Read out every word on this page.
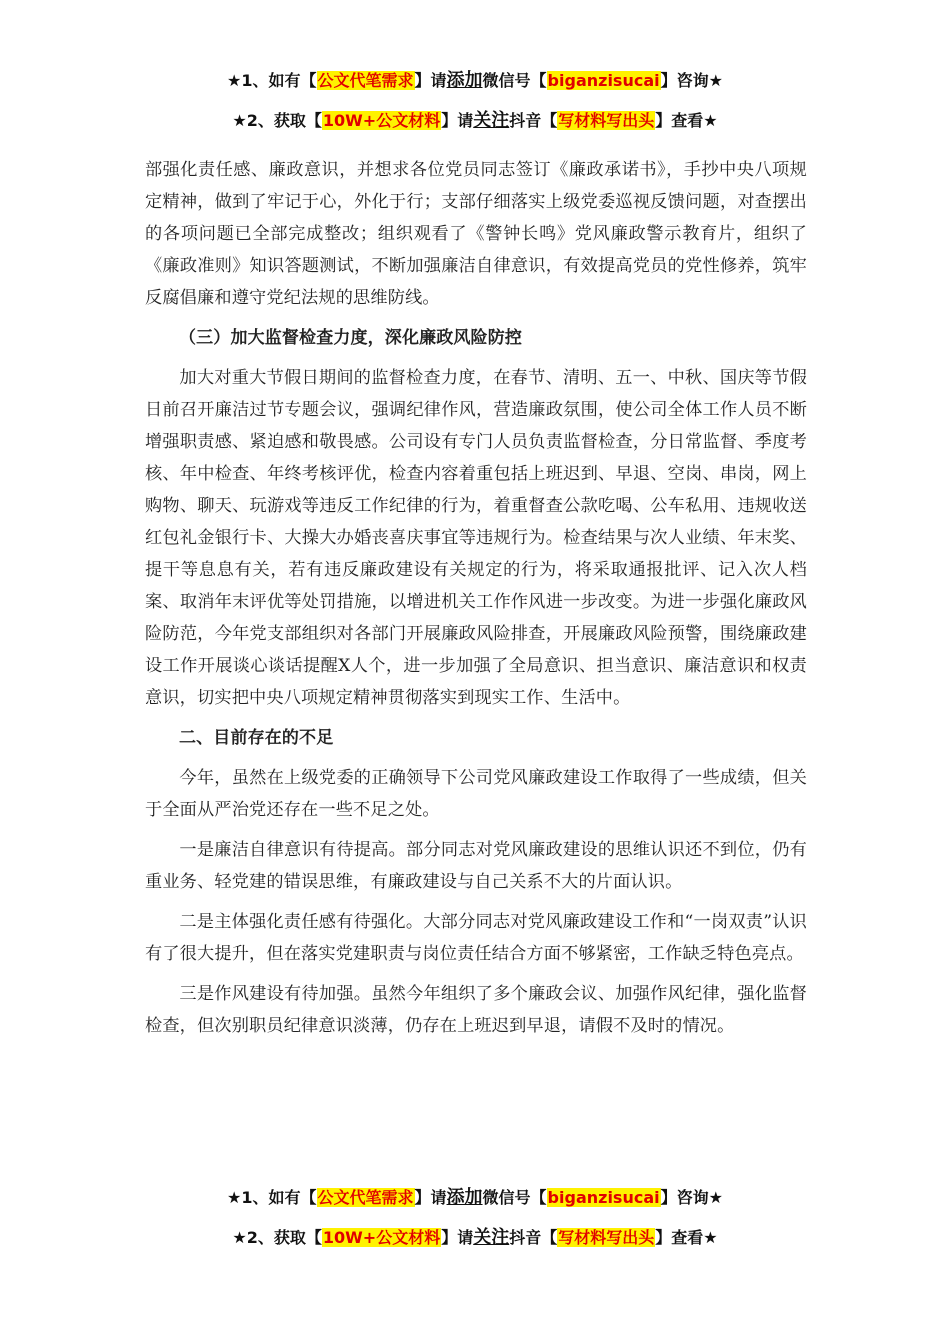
★1、如有【公文代笔需求】请添加微信号【biganzisucai】咨询★
★2、获取【10W+公文材料】请关注抖音【写材料写出头】查看★

部强化责任感、廉政意识，并想求各位党员同志签订《廉政承诺书》，手抄中央八项规定精神，做到了牢记于心，外化于行；支部仔细落实上级党委巡视反馈问题，对查摆出的各项问题已全部完成整改；组织观看了《警钟长鸣》党风廉政警示教育片，组织了《廉政准则》知识答题测试，不断加强廉洁自律意识，有效提高党员的党性修养，筑牢反腐倡廉和遵守党纪法规的思维防线。

（三）加大监督检查力度，深化廉政风险防控

加大对重大节假日期间的监督检查力度，在春节、清明、五一、中秋、国庆等节假日前召开廉洁过节专题会议，强调纪律作风，营造廉政氛围，使公司全体工作人员不断增强职责感、紧迫感和敬畏感。公司设有专门人员负责监督检查，分日常监督、季度考核、年中检查、年终考核评优，检查内容着重包括上班迟到、早退、空岗、串岗，网上购物、聊天、玩游戏等违反工作纪律的行为，着重督查公款吃喝、公车私用、违规收送红包礼金银行卡、大操大办婚丧喜庆事宜等违规行为。检查结果与次人业绩、年末奖、提干等息息有关，若有违反廉政建设有关规定的行为，将采取通报批评、记入次人档案、取消年末评优等处罚措施，以增进机关工作作风进一步改变。为进一步强化廉政风险防范，今年党支部组织对各部门开展廉政风险排查，开展廉政风险预警，围绕廉政建设工作开展谈心谈话提醒X人个，进一步加强了全局意识、担当意识、廉洁意识和权责意识，切实把中央八项规定精神贯彻落实到现实工作、生活中。

二、目前存在的不足

今年，虽然在上级党委的正确领导下公司党风廉政建设工作取得了一些成绩，但关于全面从严治党还存在一些不足之处。

一是廉洁自律意识有待提高。部分同志对党风廉政建设的思维认识还不到位，仍有重业务、轻党建的错误思维，有廉政建设与自己关系不大的片面认识。

二是主体强化责任感有待强化。大部分同志对党风廉政建设工作和“一岗双责”认识有了很大提升，但在落实党建职责与岗位责任结合方面不够紧密，工作缺乏特色亮点。

三是作风建设有待加强。虽然今年组织了多个廉政会议、加强作风纪律，强化监督检查，但次别职员纪律意识淡薄，仍存在上班迟到早退，请假不及时的情况。

★1、如有【公文代笔需求】请添加微信号【biganzisucai】咨询★
★2、获取【10W+公文材料】请关注抖音【写材料写出头】查看★
